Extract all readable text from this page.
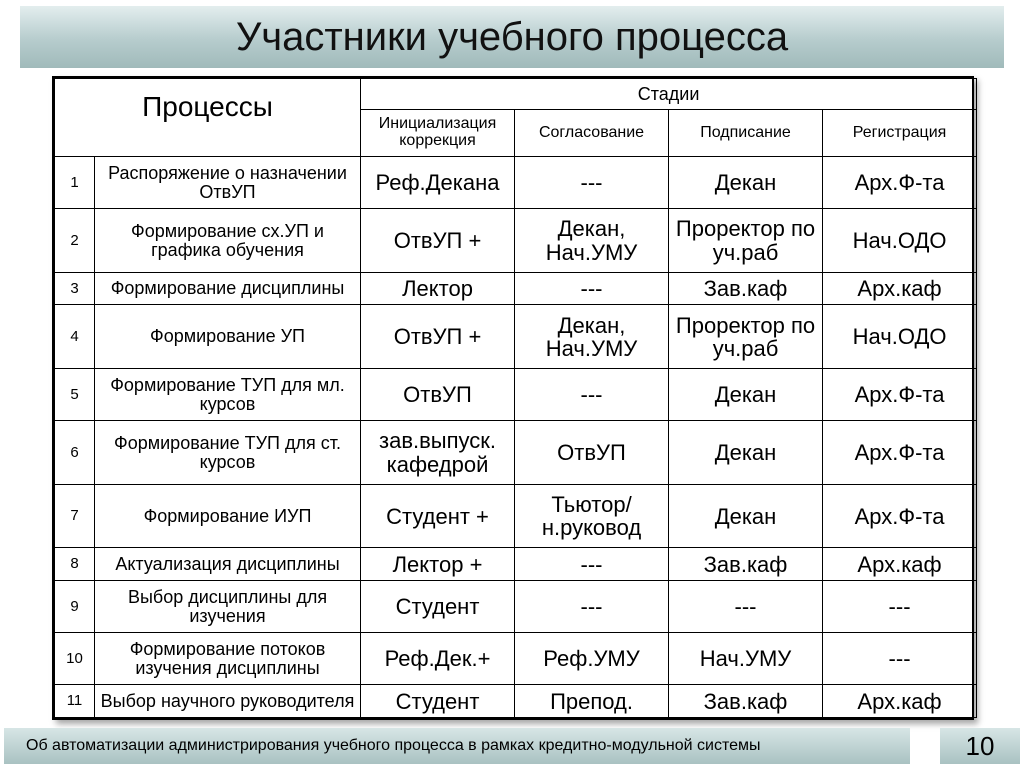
Участники учебного процесса
Процессы		Стадии			
		Инициализация коррекция	Согласование	Подписание	Регистрация
1	Распоряжение о назначении ОтвУП	Реф.Декана	---	Декан	Арх.Ф-та
2	Формирование сх.УП и графика обучения	ОтвУП +	Декан, Нач.УМУ	Проректор по уч.раб	Нач.ОДО
3	Формирование дисциплины	Лектор	---	Зав.каф	Арх.каф
4	Формирование УП	ОтвУП +	Декан, Нач.УМУ	Проректор по уч.раб	Нач.ОДО
5	Формирование ТУП для мл. курсов	ОтвУП	---	Декан	Арх.Ф-та
6	Формирование ТУП для ст. курсов	зав.выпуск. кафедрой	ОтвУП	Декан	Арх.Ф-та
7	Формирование ИУП	Студент +	Тьютор/ н.руковод	Декан	Арх.Ф-та
8	Актуализация дисциплины	Лектор +	---	Зав.каф	Арх.каф
9	Выбор дисциплины для изучения	Студент	---	---	---
10	Формирование потоков изучения дисциплины	Реф.Дек.+	Реф.УМУ	Нач.УМУ	---
11	Выбор научного руководителя	Студент	Препод.	Зав.каф	Арх.каф
Об автоматизации администрирования учебного процесса в рамках кредитно-модульной системы	10
